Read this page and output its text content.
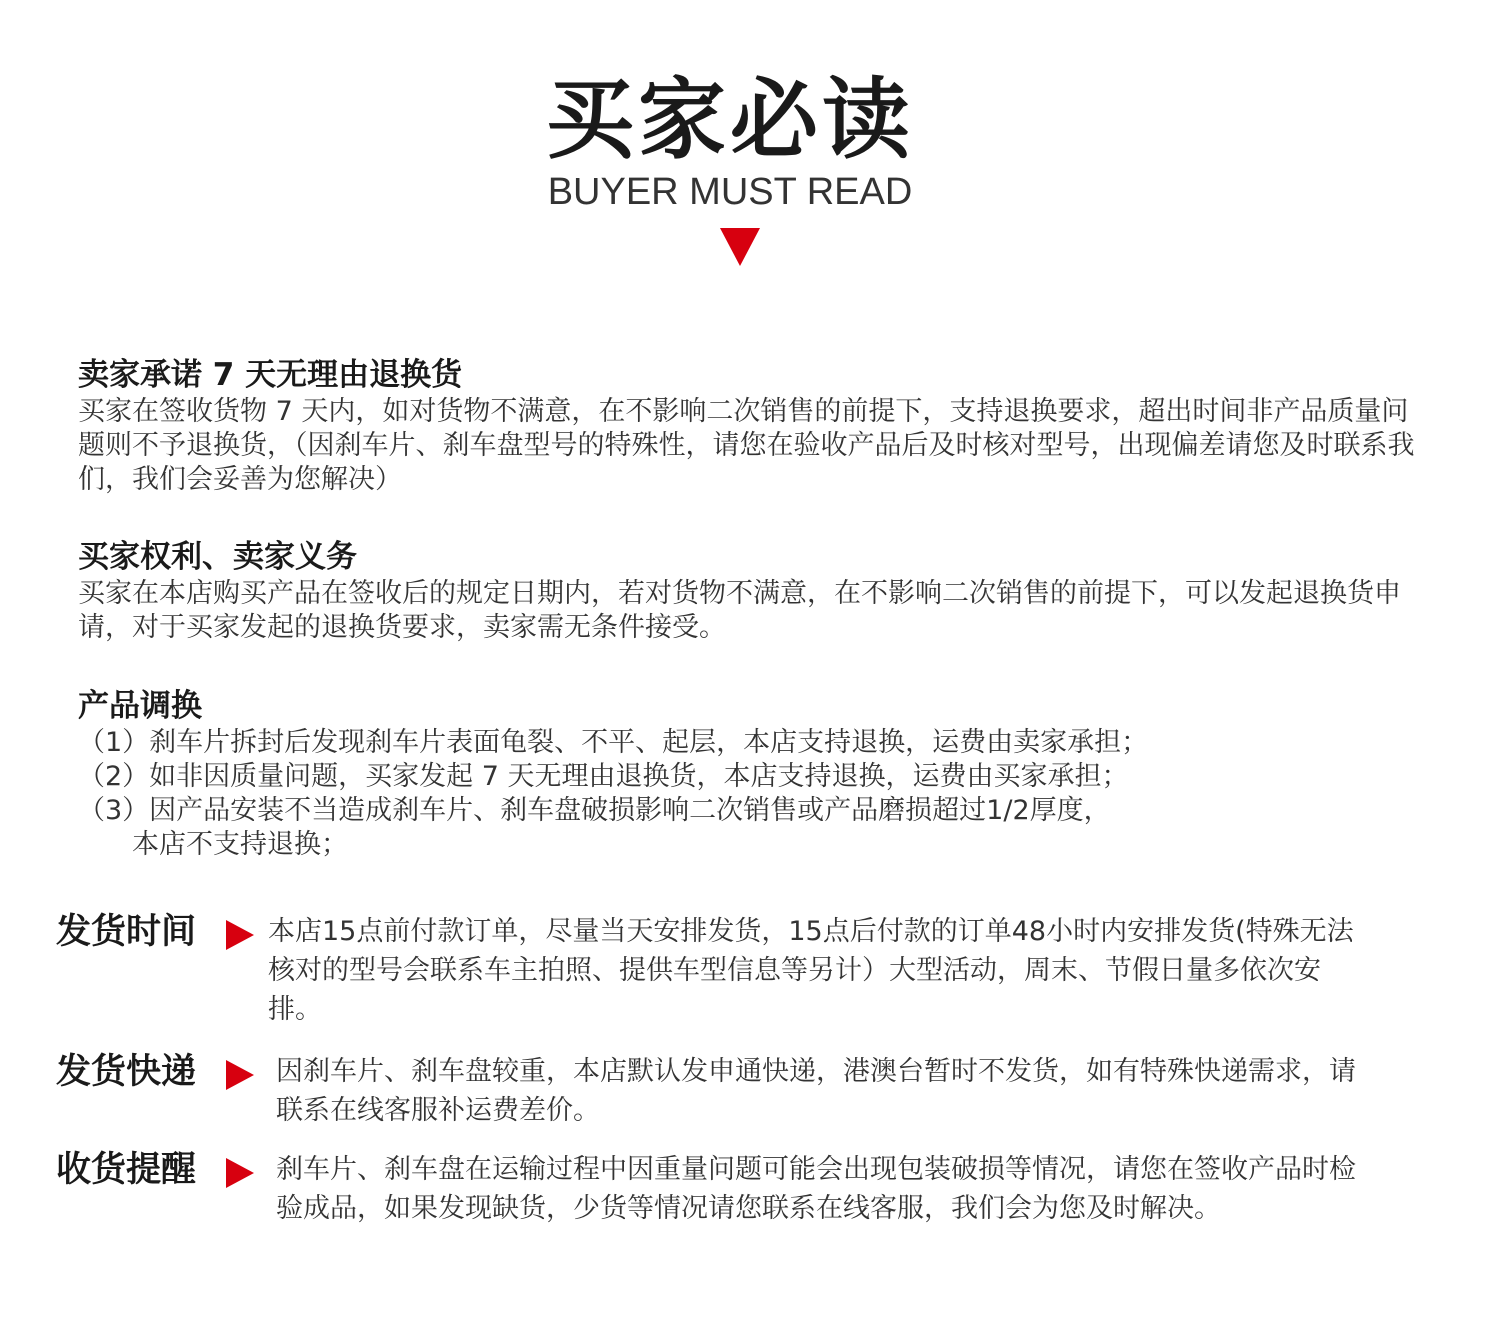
买家必读
BUYER MUST READ

卖家承诺 7 天无理由退换货

买家在签收货物 7 天内，如对货物不满意，在不影响二次销售的前提下，支持退换要求，超出时间非产品质量问题则不予退换货，（因刹车片、刹车盘型号的特殊性，请您在验收产品后及时核对型号，出现偏差请您及时联系我们，我们会妥善为您解决）

买家权利、卖家义务

买家在本店购买产品在签收后的规定日期内，若对货物不满意，在不影响二次销售的前提下，可以发起退换货申请，对于买家发起的退换货要求，卖家需无条件接受。

产品调换

（1）刹车片拆封后发现刹车片表面龟裂、不平、起层，本店支持退换，运费由卖家承担；

（2）如非因质量问题，买家发起 7 天无理由退换货，本店支持退换，运费由买家承担；

（3）因产品安装不当造成刹车片、刹车盘破损影响二次销售或产品磨损超过1/2厚度，

本店不支持退换；

发货时间	本店15点前付款订单，尽量当天安排发货，15点后付款的订单48小时内安排发货(特殊无法核对的型号会联系车主拍照、提供车型信息等另计）大型活动，周末、节假日量多依次安排。
发货快递	因刹车片、刹车盘较重，本店默认发申通快递，港澳台暂时不发货，如有特殊快递需求，请联系在线客服补运费差价。
收货提醒	刹车片、刹车盘在运输过程中因重量问题可能会出现包装破损等情况，请您在签收产品时检验成品，如果发现缺货，少货等情况请您联系在线客服，我们会为您及时解决。
